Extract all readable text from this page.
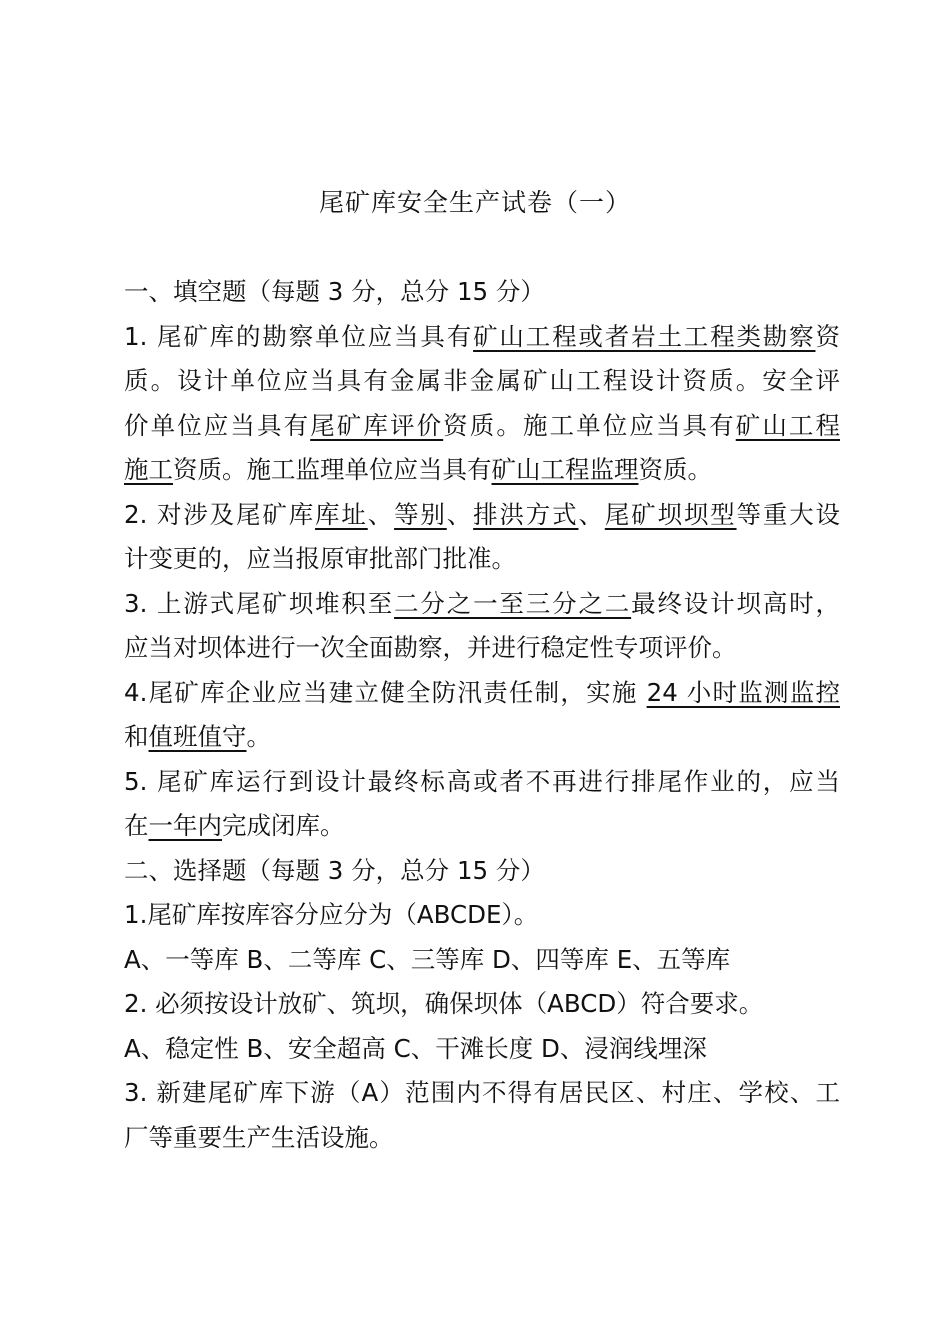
尾矿库安全生产试卷（一）
一、填空题（每题 3 分，总分 15 分）
1. 尾矿库的勘察单位应当具有矿山工程或者岩土工程类勘察资
质。设计单位应当具有金属非金属矿山工程设计资质。安全评
价单位应当具有尾矿库评价资质。施工单位应当具有矿山工程
施工资质。施工监理单位应当具有矿山工程监理资质。
2. 对涉及尾矿库库址、等别、排洪方式、尾矿坝坝型等重大设
计变更的，应当报原审批部门批准。
3. 上游式尾矿坝堆积至二分之一至三分之二最终设计坝高时，
应当对坝体进行一次全面勘察，并进行稳定性专项评价。
4.尾矿库企业应当建立健全防汛责任制，实施 24 小时监测监控
和值班值守。
5. 尾矿库运行到设计最终标高或者不再进行排尾作业的，应当
在一年内完成闭库。
二、选择题（每题 3 分，总分 15 分）
1.尾矿库按库容分应分为（ABCDE）。
A、一等库 B、二等库 C、三等库 D、四等库 E、五等库
2. 必须按设计放矿、筑坝，确保坝体（ABCD）符合要求。
A、稳定性 B、安全超高 C、干滩长度 D、浸润线埋深
3. 新建尾矿库下游（A）范围内不得有居民区、村庄、学校、工
厂等重要生产生活设施。
